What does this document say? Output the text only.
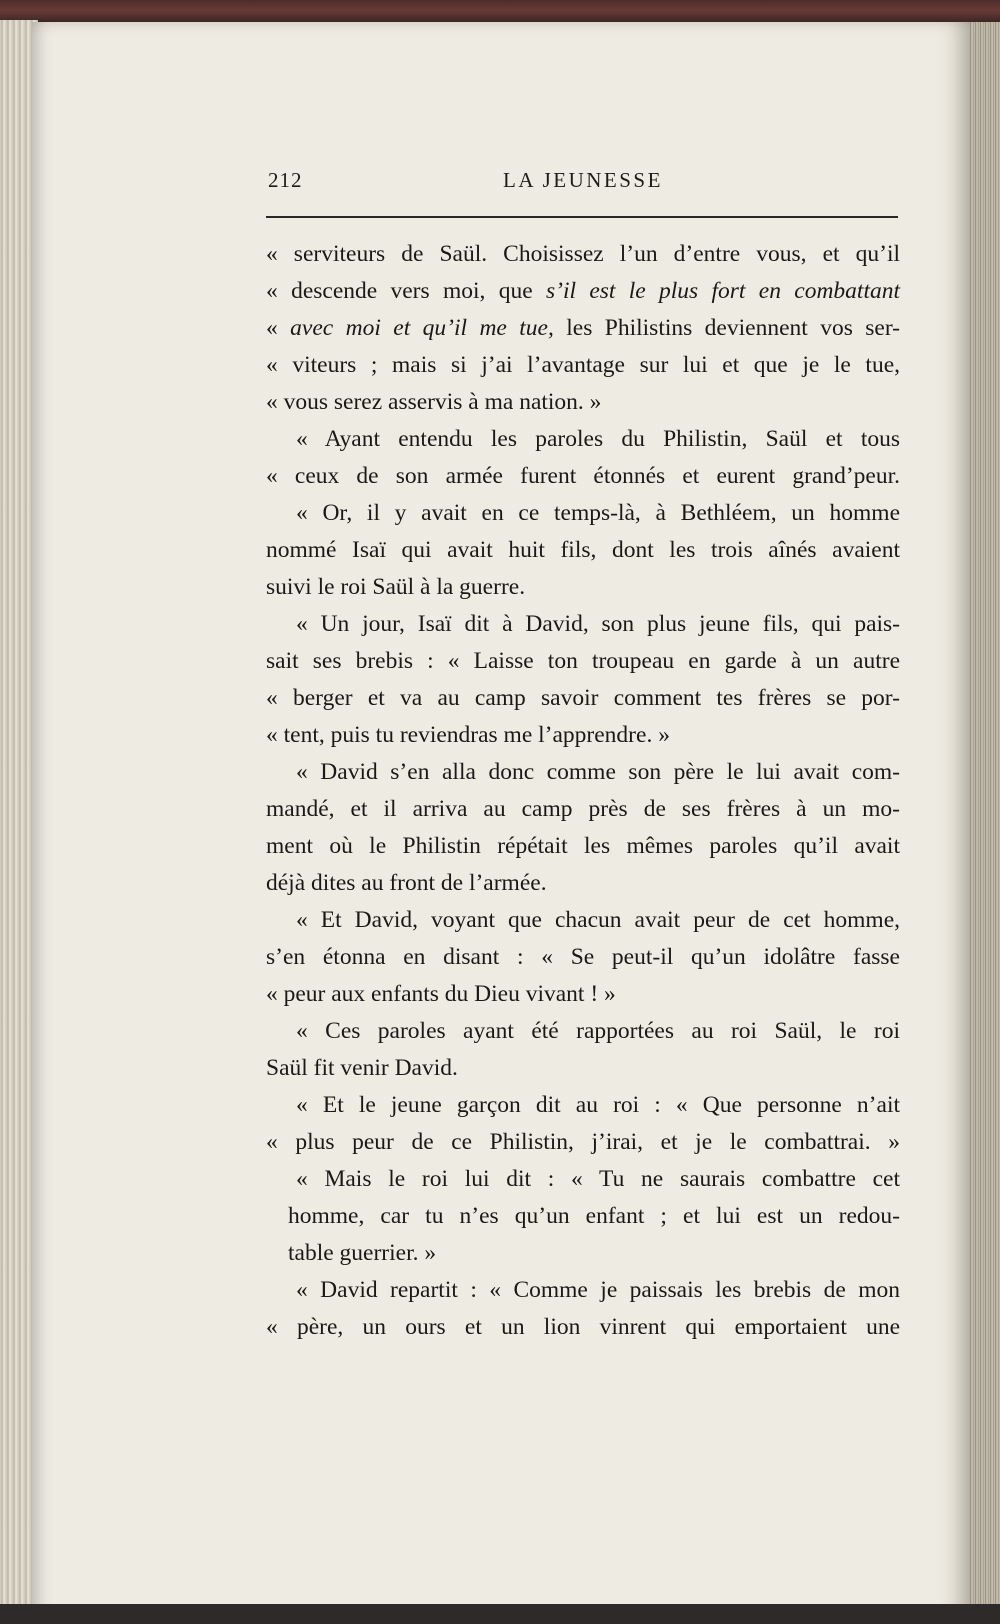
212	LA JEUNESSE
« serviteurs de Saül. Choisissez l’un d’entre vous, et qu’il
« descende vers moi, que s’il est le plus fort en combattant
« avec moi et qu’il me tue, les Philistins deviennent vos ser-
« viteurs ; mais si j’ai l’avantage sur lui et que je le tue,
« vous serez asservis à ma nation. »
« Ayant entendu les paroles du Philistin, Saül et tous
« ceux de son armée furent étonnés et eurent grand’peur.
« Or, il y avait en ce temps-là, à Bethléem, un homme
nommé Isaï qui avait huit fils, dont les trois aînés avaient
suivi le roi Saül à la guerre.
« Un jour, Isaï dit à David, son plus jeune fils, qui pais-
sait ses brebis : « Laisse ton troupeau en garde à un autre
« berger et va au camp savoir comment tes frères se por-
« tent, puis tu reviendras me l’apprendre. »
« David s’en alla donc comme son père le lui avait com-
mandé, et il arriva au camp près de ses frères à un mo-
ment où le Philistin répétait les mêmes paroles qu’il avait
déjà dites au front de l’armée.
« Et David, voyant que chacun avait peur de cet homme,
s’en étonna en disant : « Se peut-il qu’un idolâtre fasse
« peur aux enfants du Dieu vivant ! »
« Ces paroles ayant été rapportées au roi Saül, le roi
Saül fit venir David.
« Et le jeune garçon dit au roi : « Que personne n’ait
« plus peur de ce Philistin, j’irai, et je le combattrai. »
« Mais le roi lui dit : « Tu ne saurais combattre cet
homme, car tu n’es qu’un enfant ; et lui est un redou-
table guerrier. »
« David repartit : « Comme je paissais les brebis de mon
« père, un ours et un lion vinrent qui emportaient une
